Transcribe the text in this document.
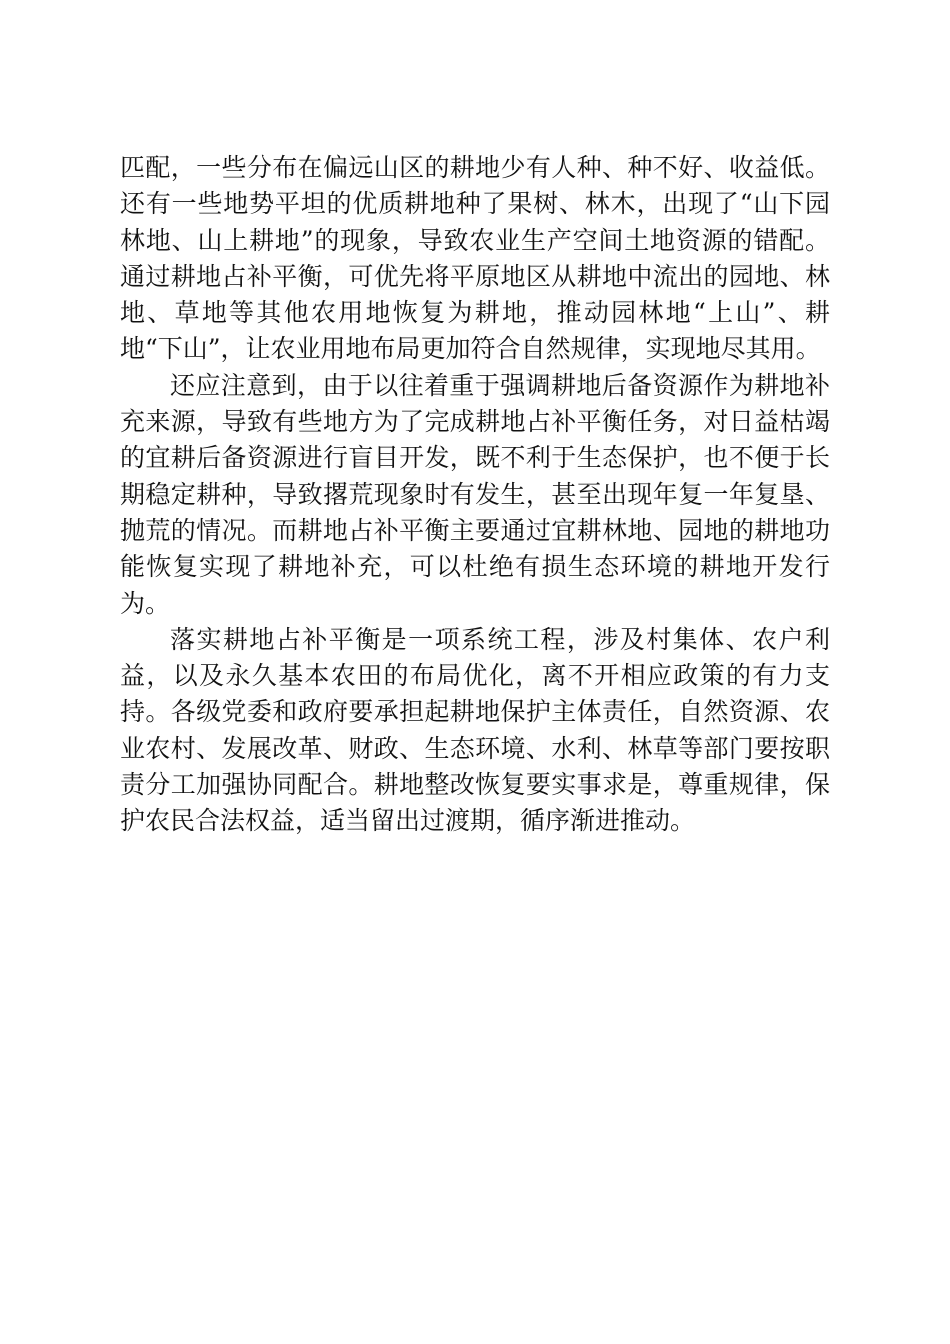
匹配，一些分布在偏远山区的耕地少有人种、种不好、收益低。还有一些地势平坦的优质耕地种了果树、林木，出现了“山下园林地、山上耕地”的现象，导致农业生产空间土地资源的错配。通过耕地占补平衡，可优先将平原地区从耕地中流出的园地、林地、草地等其他农用地恢复为耕地，推动园林地“上山”、耕地“下山”，让农业用地布局更加符合自然规律，实现地尽其用。

还应注意到，由于以往着重于强调耕地后备资源作为耕地补充来源，导致有些地方为了完成耕地占补平衡任务，对日益枯竭的宜耕后备资源进行盲目开发，既不利于生态保护，也不便于长期稳定耕种，导致撂荒现象时有发生，甚至出现年复一年复垦、抛荒的情况。而耕地占补平衡主要通过宜耕林地、园地的耕地功能恢复实现了耕地补充，可以杜绝有损生态环境的耕地开发行为。

落实耕地占补平衡是一项系统工程，涉及村集体、农户利益，以及永久基本农田的布局优化，离不开相应政策的有力支持。各级党委和政府要承担起耕地保护主体责任，自然资源、农业农村、发展改革、财政、生态环境、水利、林草等部门要按职责分工加强协同配合。耕地整改恢复要实事求是，尊重规律，保护农民合法权益，适当留出过渡期，循序渐进推动。
